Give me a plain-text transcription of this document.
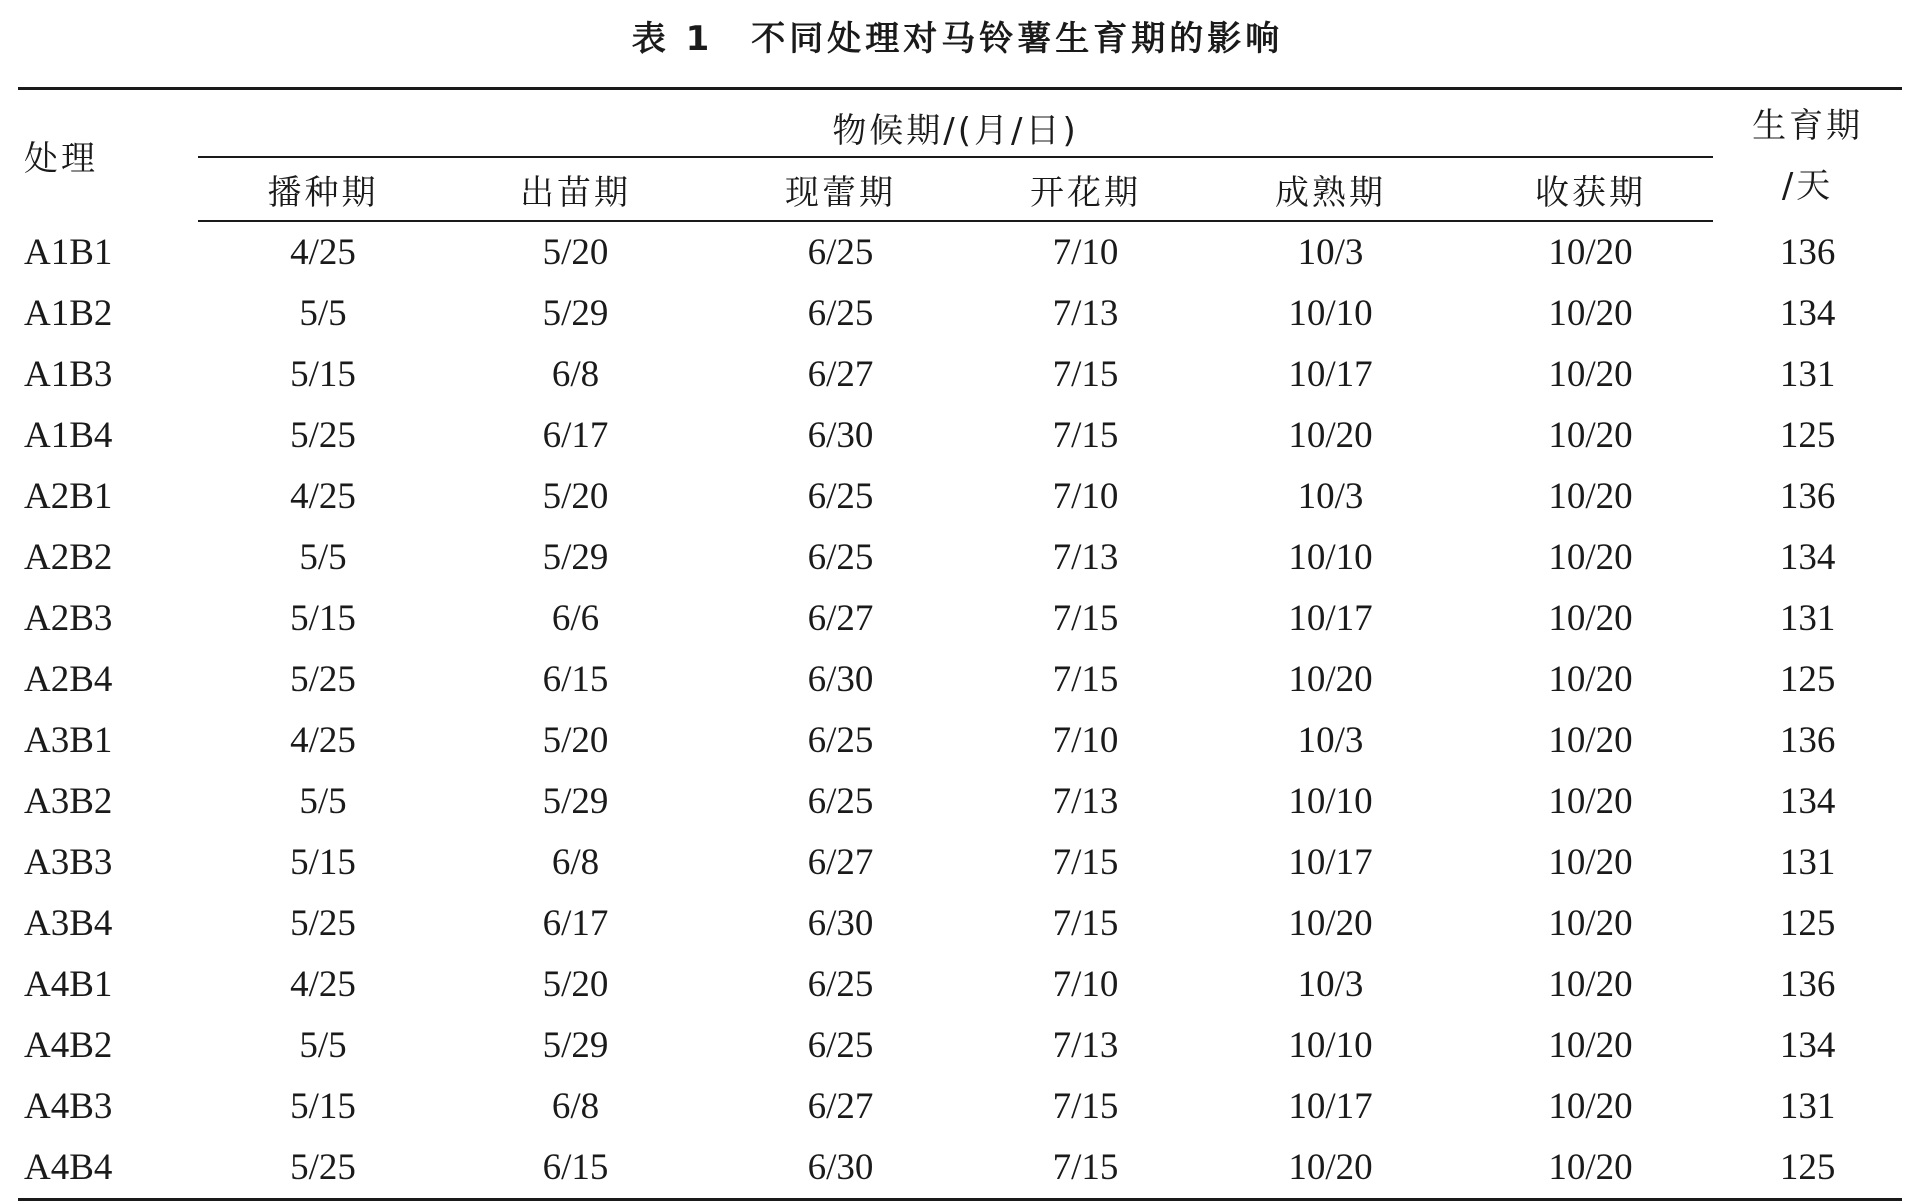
表 1 不同处理对马铃薯生育期的影响
处理	物候期/(月/日)						生育期
/天

	播种期	出苗期	现蕾期	开花期	成熟期	收获期	
A1B1	4/25	5/20	6/25	7/10	10/3	10/20	136
A1B2	5/5	5/29	6/25	7/13	10/10	10/20	134
A1B3	5/15	6/8	6/27	7/15	10/17	10/20	131
A1B4	5/25	6/17	6/30	7/15	10/20	10/20	125
A2B1	4/25	5/20	6/25	7/10	10/3	10/20	136
A2B2	5/5	5/29	6/25	7/13	10/10	10/20	134
A2B3	5/15	6/6	6/27	7/15	10/17	10/20	131
A2B4	5/25	6/15	6/30	7/15	10/20	10/20	125
A3B1	4/25	5/20	6/25	7/10	10/3	10/20	136
A3B2	5/5	5/29	6/25	7/13	10/10	10/20	134
A3B3	5/15	6/8	6/27	7/15	10/17	10/20	131
A3B4	5/25	6/17	6/30	7/15	10/20	10/20	125
A4B1	4/25	5/20	6/25	7/10	10/3	10/20	136
A4B2	5/5	5/29	6/25	7/13	10/10	10/20	134
A4B3	5/15	6/8	6/27	7/15	10/17	10/20	131
A4B4	5/25	6/15	6/30	7/15	10/20	10/20	125
